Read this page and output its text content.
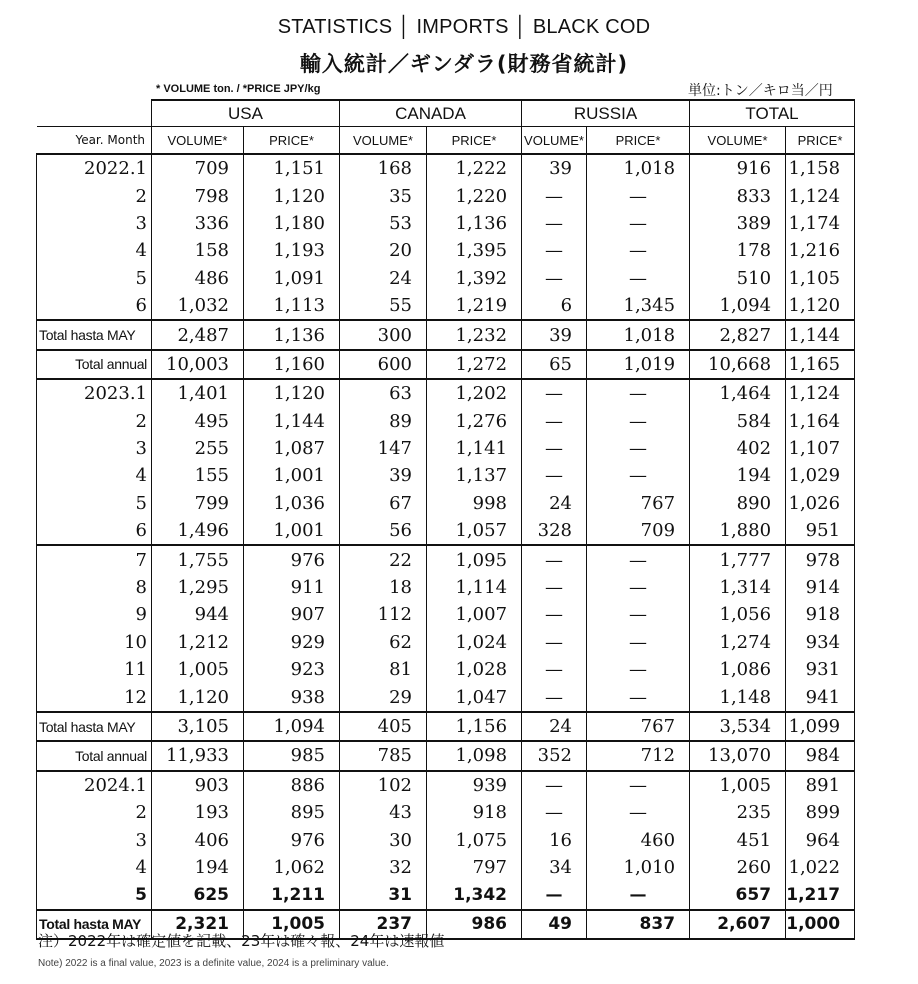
STATISTICS │ IMPORTS │ BLACK COD
輸入統計／ギンダラ(財務省統計)
* VOLUME ton. / *PRICE JPY/kg	単位:トン／キロ当／円
	USA		CANADA		RUSSIA		TOTAL	
Year. Month	VOLUME*	PRICE*	VOLUME*	PRICE*	VOLUME*	PRICE*	VOLUME*	PRICE*
2022.1	709	1,151	168	1,222	39	1,018	916	1,158
2	798	1,120	35	1,220	—	—	833	1,124
3	336	1,180	53	1,136	—	—	389	1,174
4	158	1,193	20	1,395	—	—	178	1,216
5	486	1,091	24	1,392	—	—	510	1,105
6	1,032	1,113	55	1,219	6	1,345	1,094	1,120
Total hasta MAY	2,487	1,136	300	1,232	39	1,018	2,827	1,144
Total annual	10,003	1,160	600	1,272	65	1,019	10,668	1,165
2023.1	1,401	1,120	63	1,202	—	—	1,464	1,124
2	495	1,144	89	1,276	—	—	584	1,164
3	255	1,087	147	1,141	—	—	402	1,107
4	155	1,001	39	1,137	—	—	194	1,029
5	799	1,036	67	998	24	767	890	1,026
6	1,496	1,001	56	1,057	328	709	1,880	951
7	1,755	976	22	1,095	—	—	1,777	978
8	1,295	911	18	1,114	—	—	1,314	914
9	944	907	112	1,007	—	—	1,056	918
10	1,212	929	62	1,024	—	—	1,274	934
11	1,005	923	81	1,028	—	—	1,086	931
12	1,120	938	29	1,047	—	—	1,148	941
Total hasta MAY	3,105	1,094	405	1,156	24	767	3,534	1,099
Total annual	11,933	985	785	1,098	352	712	13,070	984
2024.1	903	886	102	939	—	—	1,005	891
2	193	895	43	918	—	—	235	899
3	406	976	30	1,075	16	460	451	964
4	194	1,062	32	797	34	1,010	260	1,022
5	625	1,211	31	1,342	—	—	657	1,217
Total hasta MAY	2,321	1,005	237	986	49	837	2,607	1,000
注）2022年は確定値を記載、23年は確々報、24年は速報値
Note) 2022 is a final value, 2023 is a definite value, 2024 is a preliminary value.
